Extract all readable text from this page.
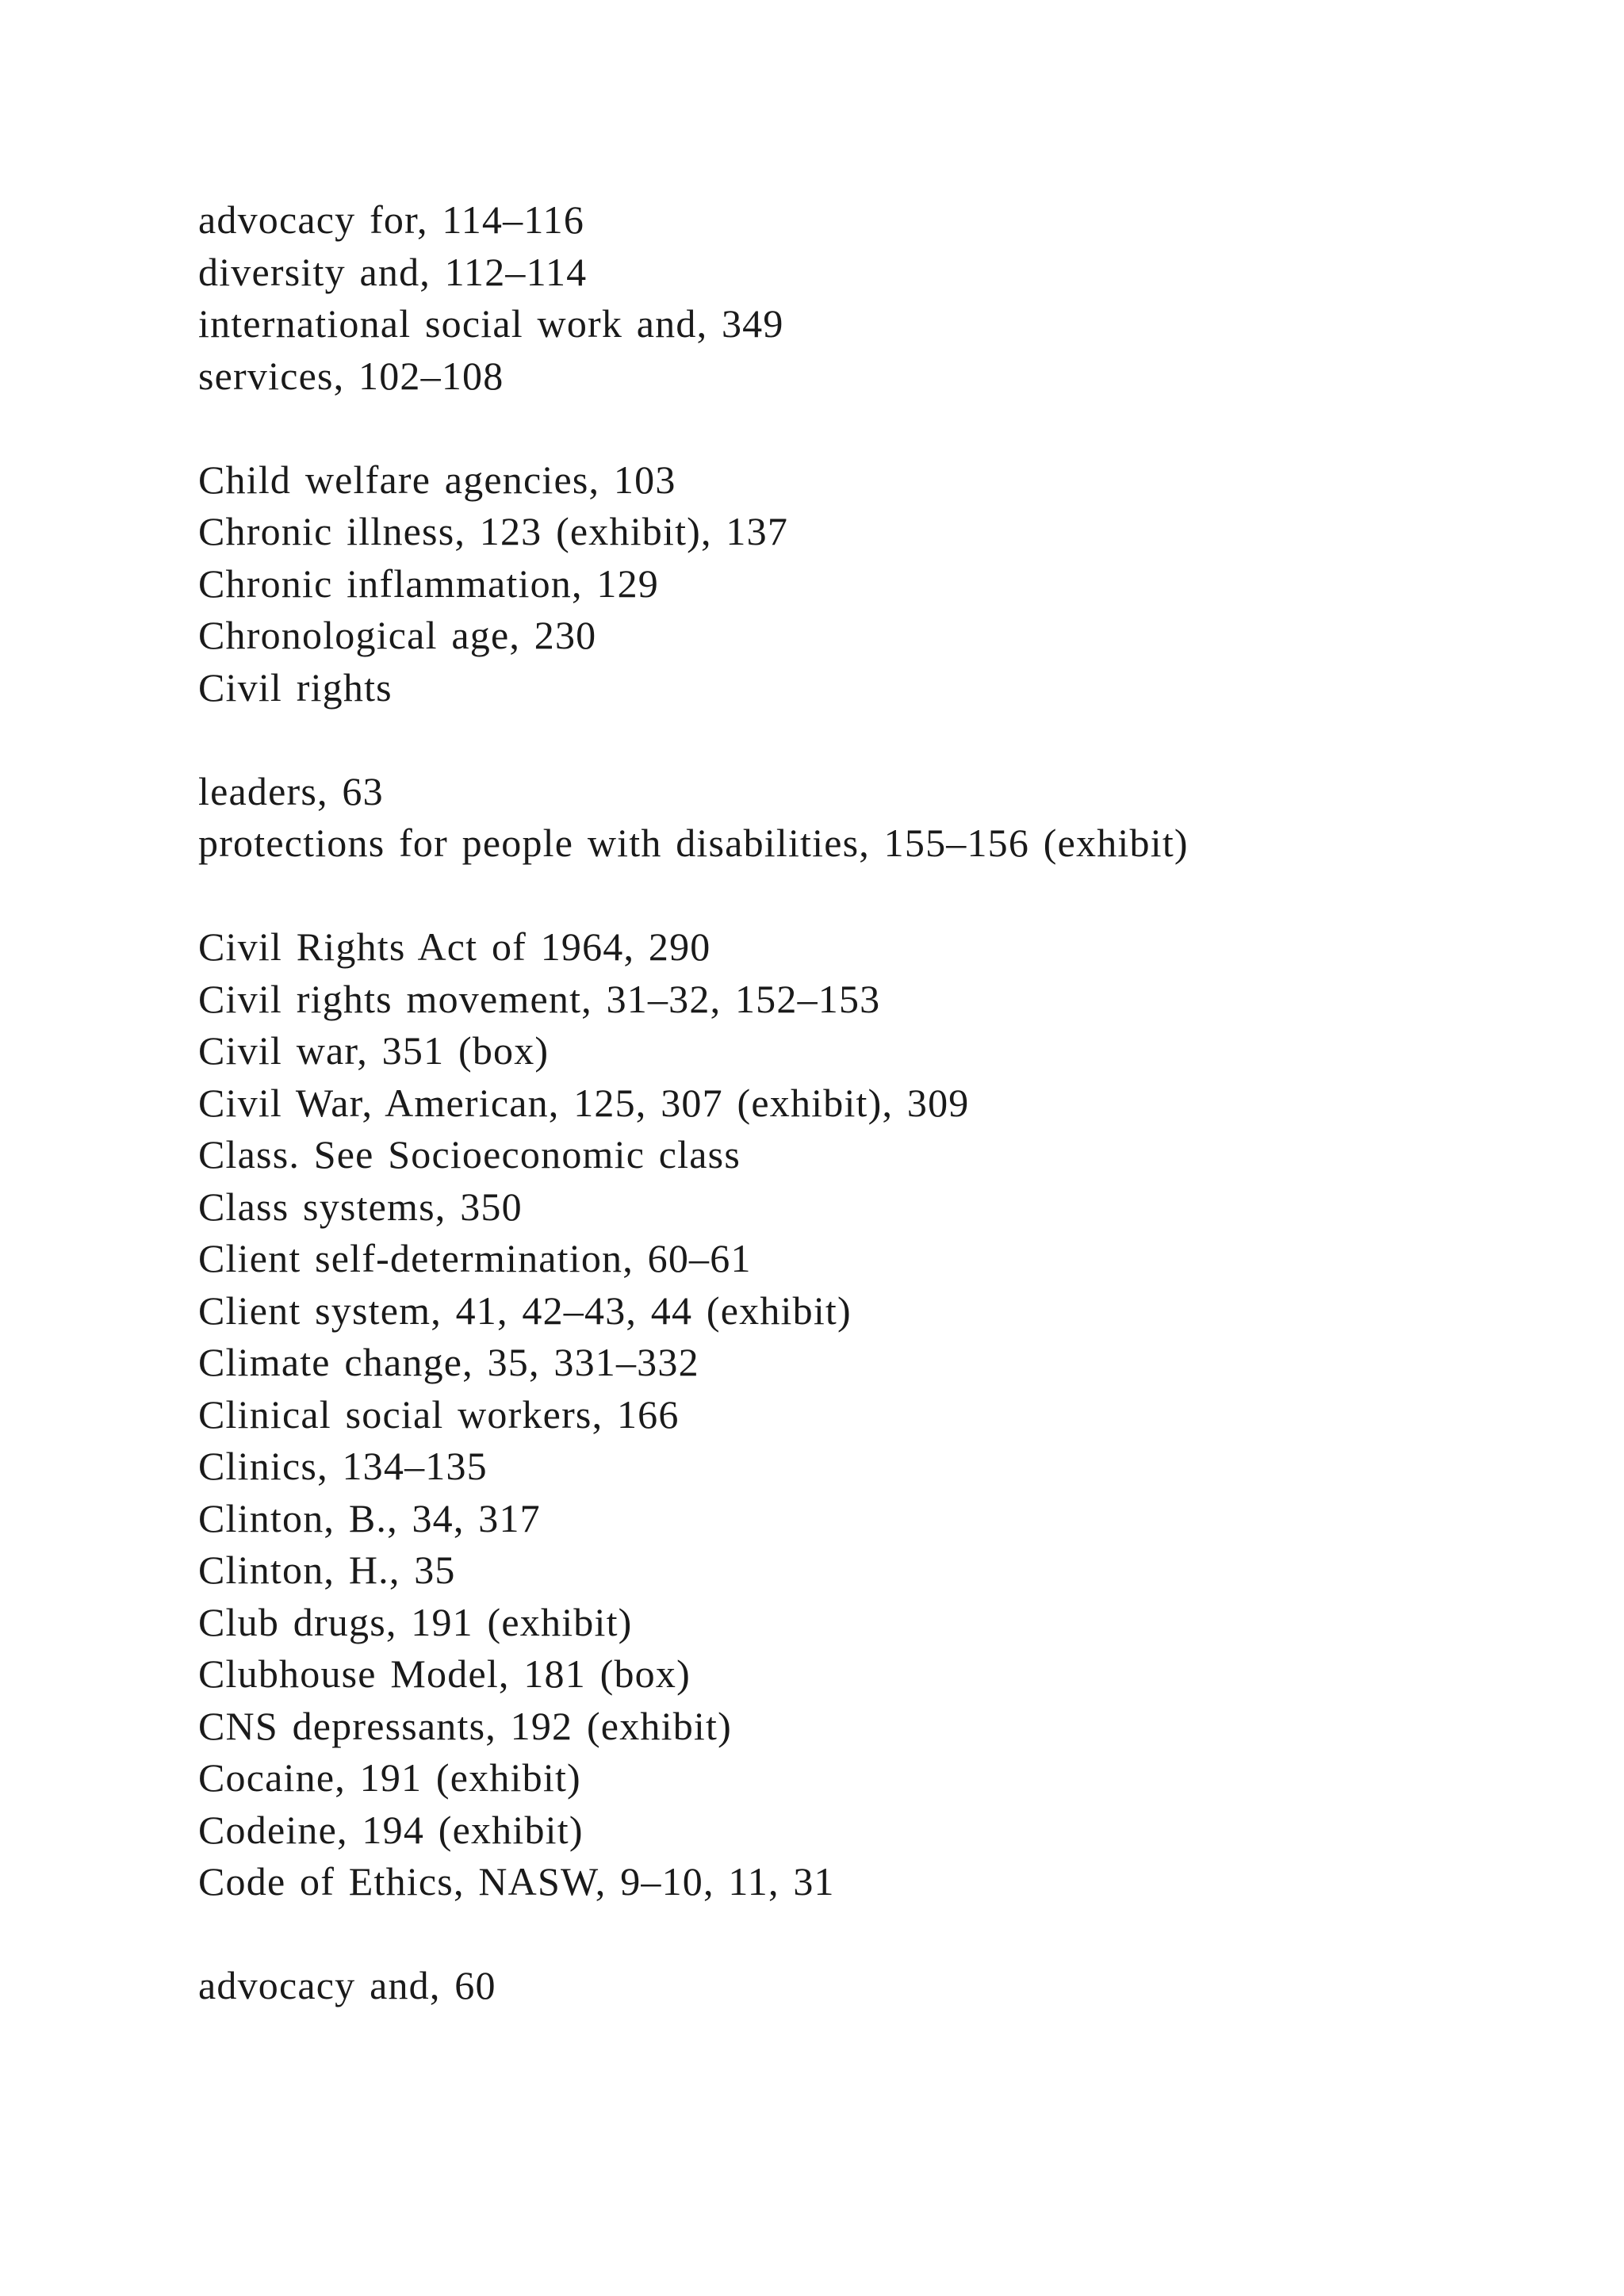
advocacy for, 114–116
diversity and, 112–114
international social work and, 349
services, 102–108
Child welfare agencies, 103
Chronic illness, 123 (exhibit), 137
Chronic inflammation, 129
Chronological age, 230
Civil rights
leaders, 63
protections for people with disabilities, 155–156 (exhibit)
Civil Rights Act of 1964, 290
Civil rights movement, 31–32, 152–153
Civil war, 351 (box)
Civil War, American, 125, 307 (exhibit), 309
Class. See Socioeconomic class
Class systems, 350
Client self-determination, 60–61
Client system, 41, 42–43, 44 (exhibit)
Climate change, 35, 331–332
Clinical social workers, 166
Clinics, 134–135
Clinton, B., 34, 317
Clinton, H., 35
Club drugs, 191 (exhibit)
Clubhouse Model, 181 (box)
CNS depressants, 192 (exhibit)
Cocaine, 191 (exhibit)
Codeine, 194 (exhibit)
Code of Ethics, NASW, 9–10, 11, 31
advocacy and, 60
